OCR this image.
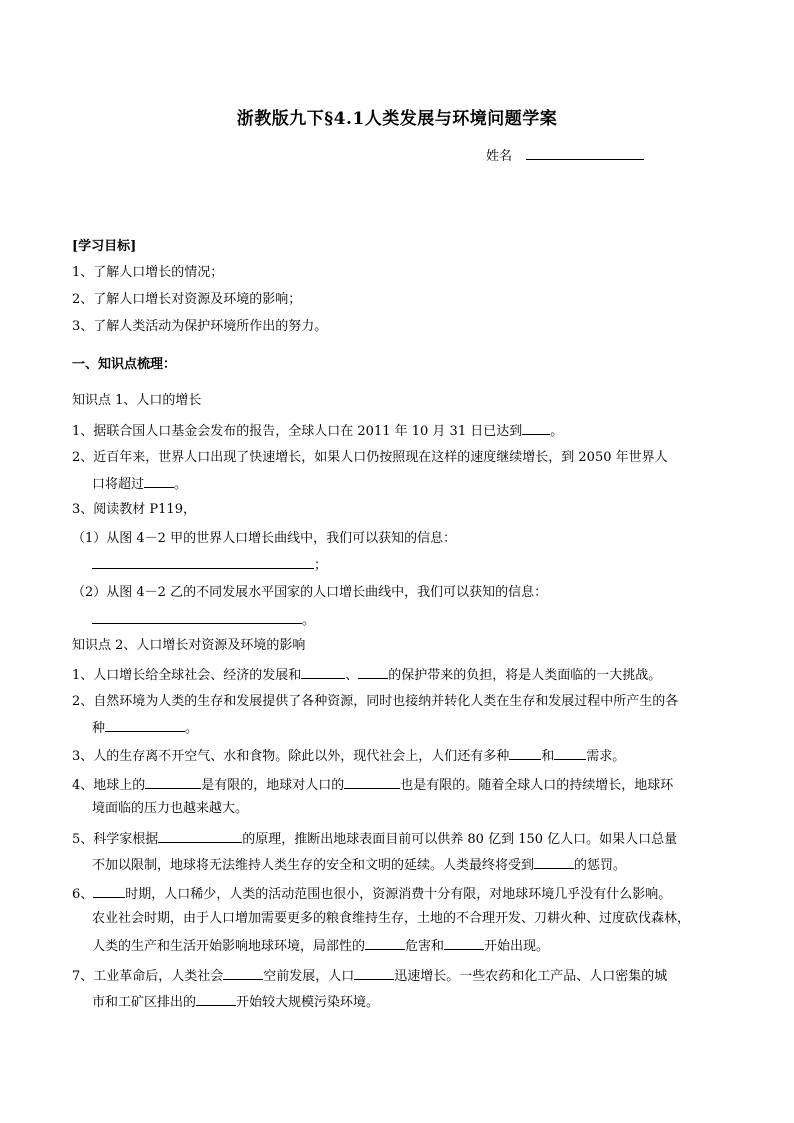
浙教版九下§4.1人类发展与环境问题学案
姓名
[学习目标]
1、了解人口增长的情况；
2、了解人口增长对资源及环境的影响；
3、了解人类活动为保护环境所作出的努力。
一、知识点梳理：
知识点 1、人口的增长
1、据联合国人口基金会发布的报告，全球人口在 2011 年 10 月 31 日已达到 。
2、近百年来，世界人口出现了快速增长，如果人口仍按照现在这样的速度继续增长，到 2050 年世界人
口将超过 。
3、阅读教材 P119，
（1）从图 4－2 甲的世界人口增长曲线中，我们可以获知的信息：
；
（2）从图 4－2 乙的不同发展水平国家的人口增长曲线中，我们可以获知的信息：
。
知识点 2、人口增长对资源及环境的影响
1、人口增长给全球社会、经济的发展和	、 的保护带来的负担，将是人类面临的一大挑战。
2、自然环境为人类的生存和发展提供了各种资源，同时也接纳并转化人类在生存和发展过程中所产生的各
种	。
3、人的生存离不开空气、水和食物。除此以外，现代社会上，人们还有多种 和 需求。
4、地球上的	是有限的，地球对人口的	也是有限的。随着全球人口的持续增长，地球环
境面临的压力也越来越大。
5、科学家根据	的原理，推断出地球表面目前可以供养 80 亿到 150 亿人口。如果人口总量
不加以限制，地球将无法维持人类生存的安全和文明的延续。人类最终将受到	的惩罚。
6、 时期，人口稀少，人类的活动范围也很小，资源消费十分有限，对地球环境几乎没有什么影响。
农业社会时期，由于人口增加需要更多的粮食维持生存，土地的不合理开发、刀耕火种、过度砍伐森林，
人类的生产和生活开始影响地球环境，局部性的	危害和	开始出现。
7、工业革命后，人类社会	空前发展，人口	迅速增长。一些农药和化工产品、人口密集的城
市和工矿区排出的	开始较大规模污染环境。
